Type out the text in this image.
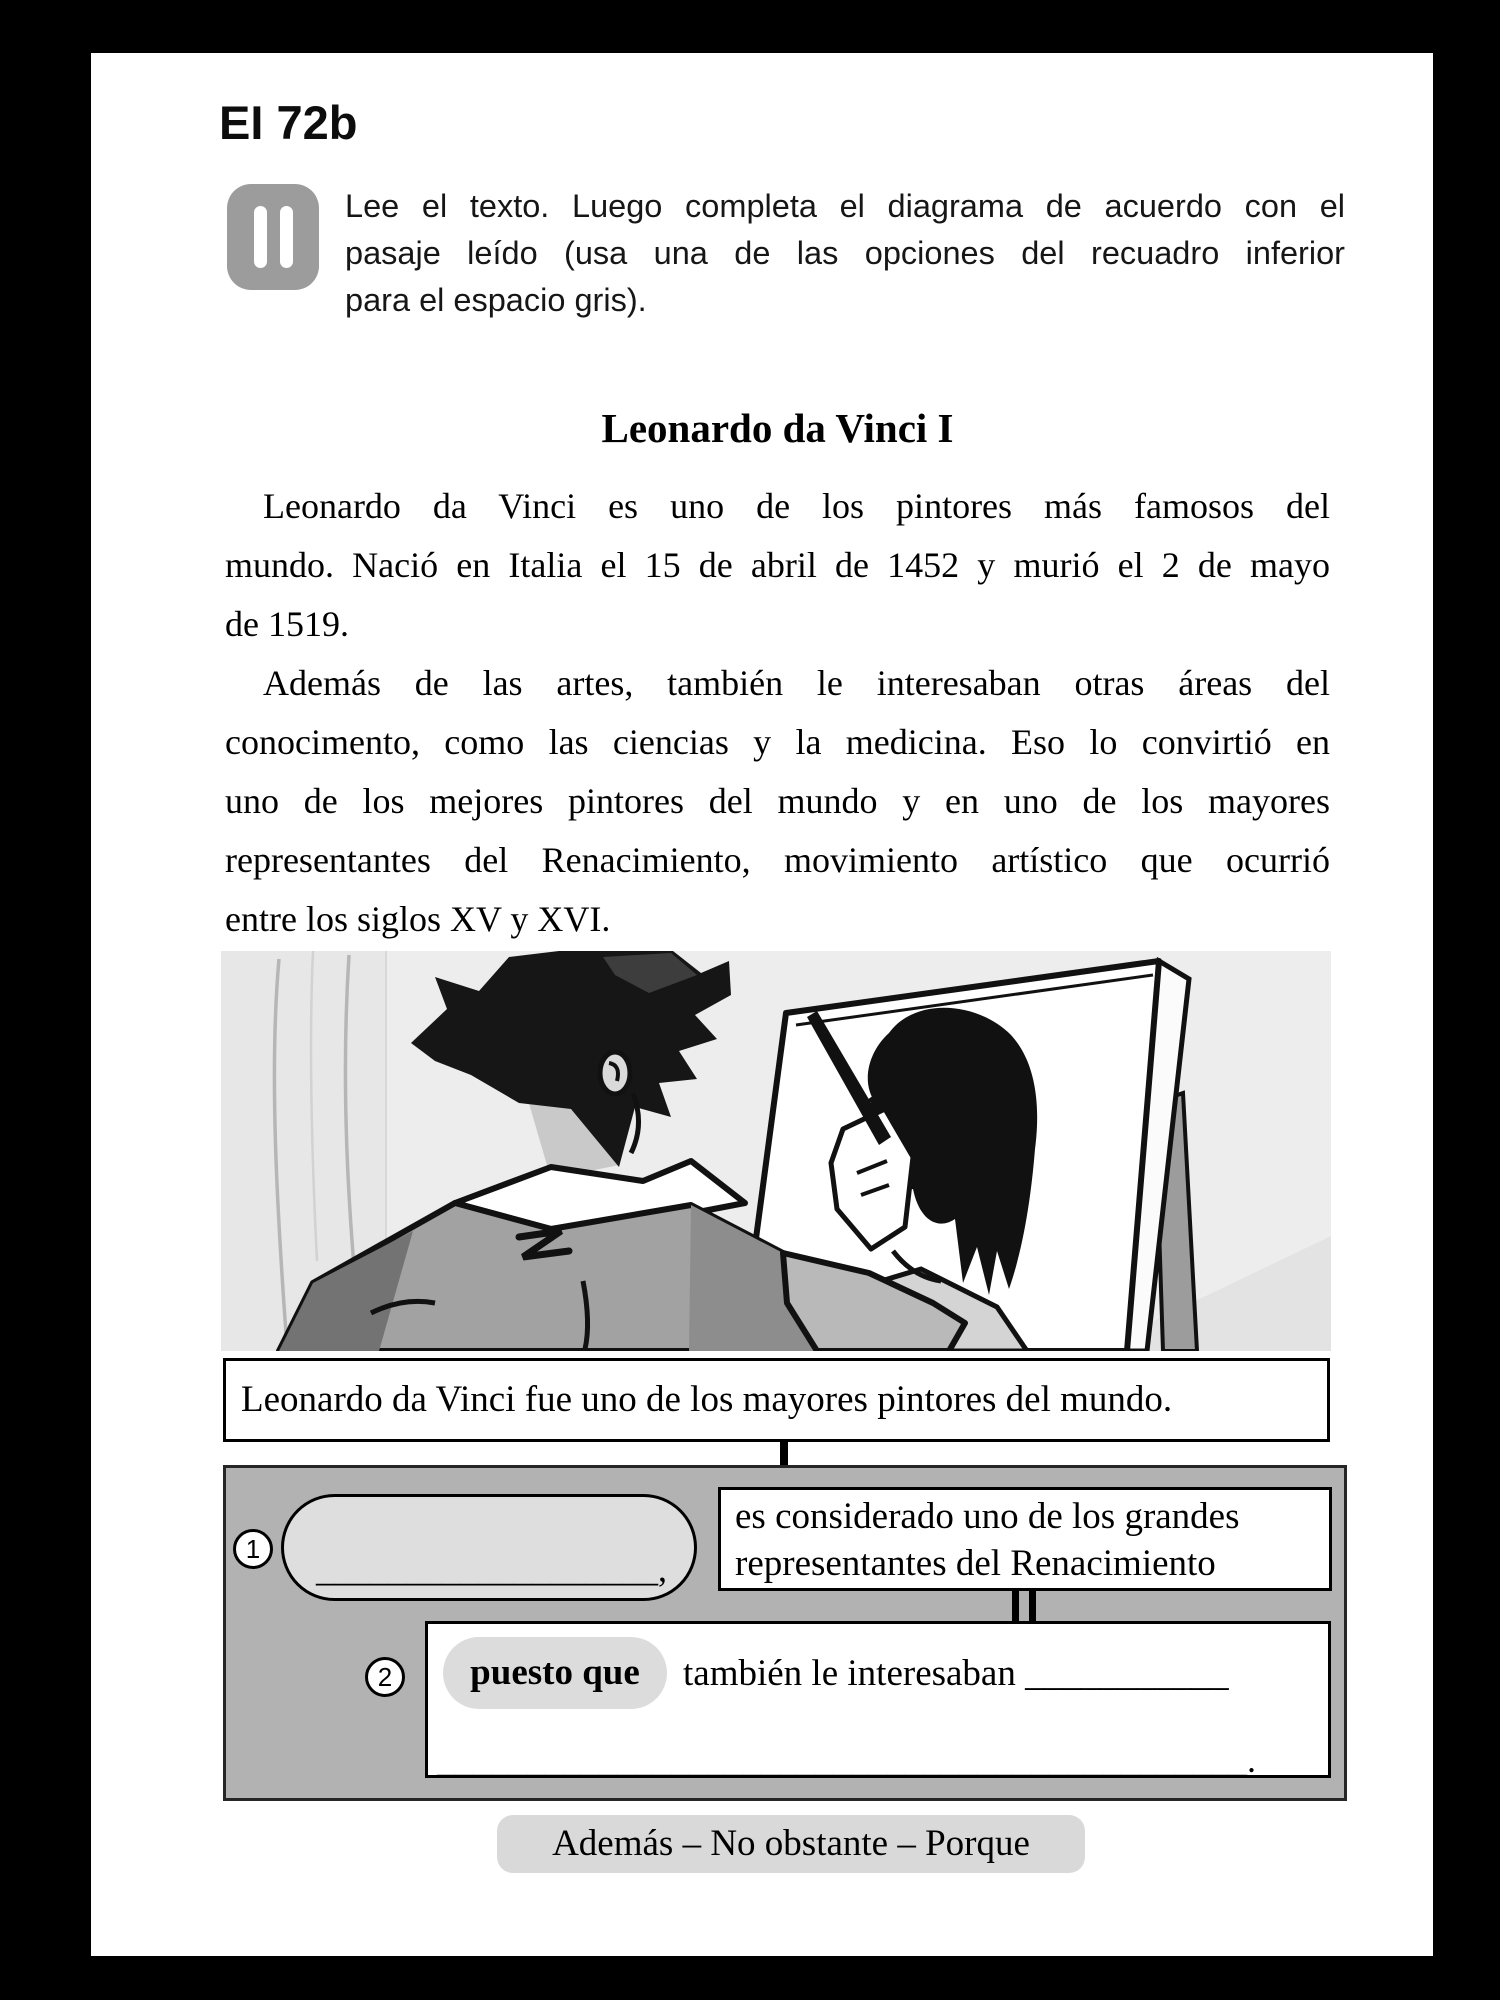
EI 72b
Lee el texto. Luego completa el diagrama de acuerdo con el
pasaje leído (usa una de las opciones del recuadro inferior
para el espacio gris).
Leonardo da Vinci I
Leonardo da Vinci es uno de los pintores más famosos del
mundo. Nació en Italia el 15 de abril de 1452 y murió el 2 de mayo
de 1519.
Además de las artes, también le interesaban otras áreas del
conocimento, como las ciencias y la medicina. Eso lo convirtió en
uno de los mejores pintores del mundo y en uno de los mayores
representantes del Renacimiento, movimiento artístico que ocurrió
entre los siglos XV y XVI.
Leonardo da Vinci fue uno de los mayores pintores del mundo.
1	___________________,
es considerado uno de los grandes
representantes del Renacimiento
2	puesto que	también le interesaban ___________
_____________________________________________.
Además – No obstante – Porque
